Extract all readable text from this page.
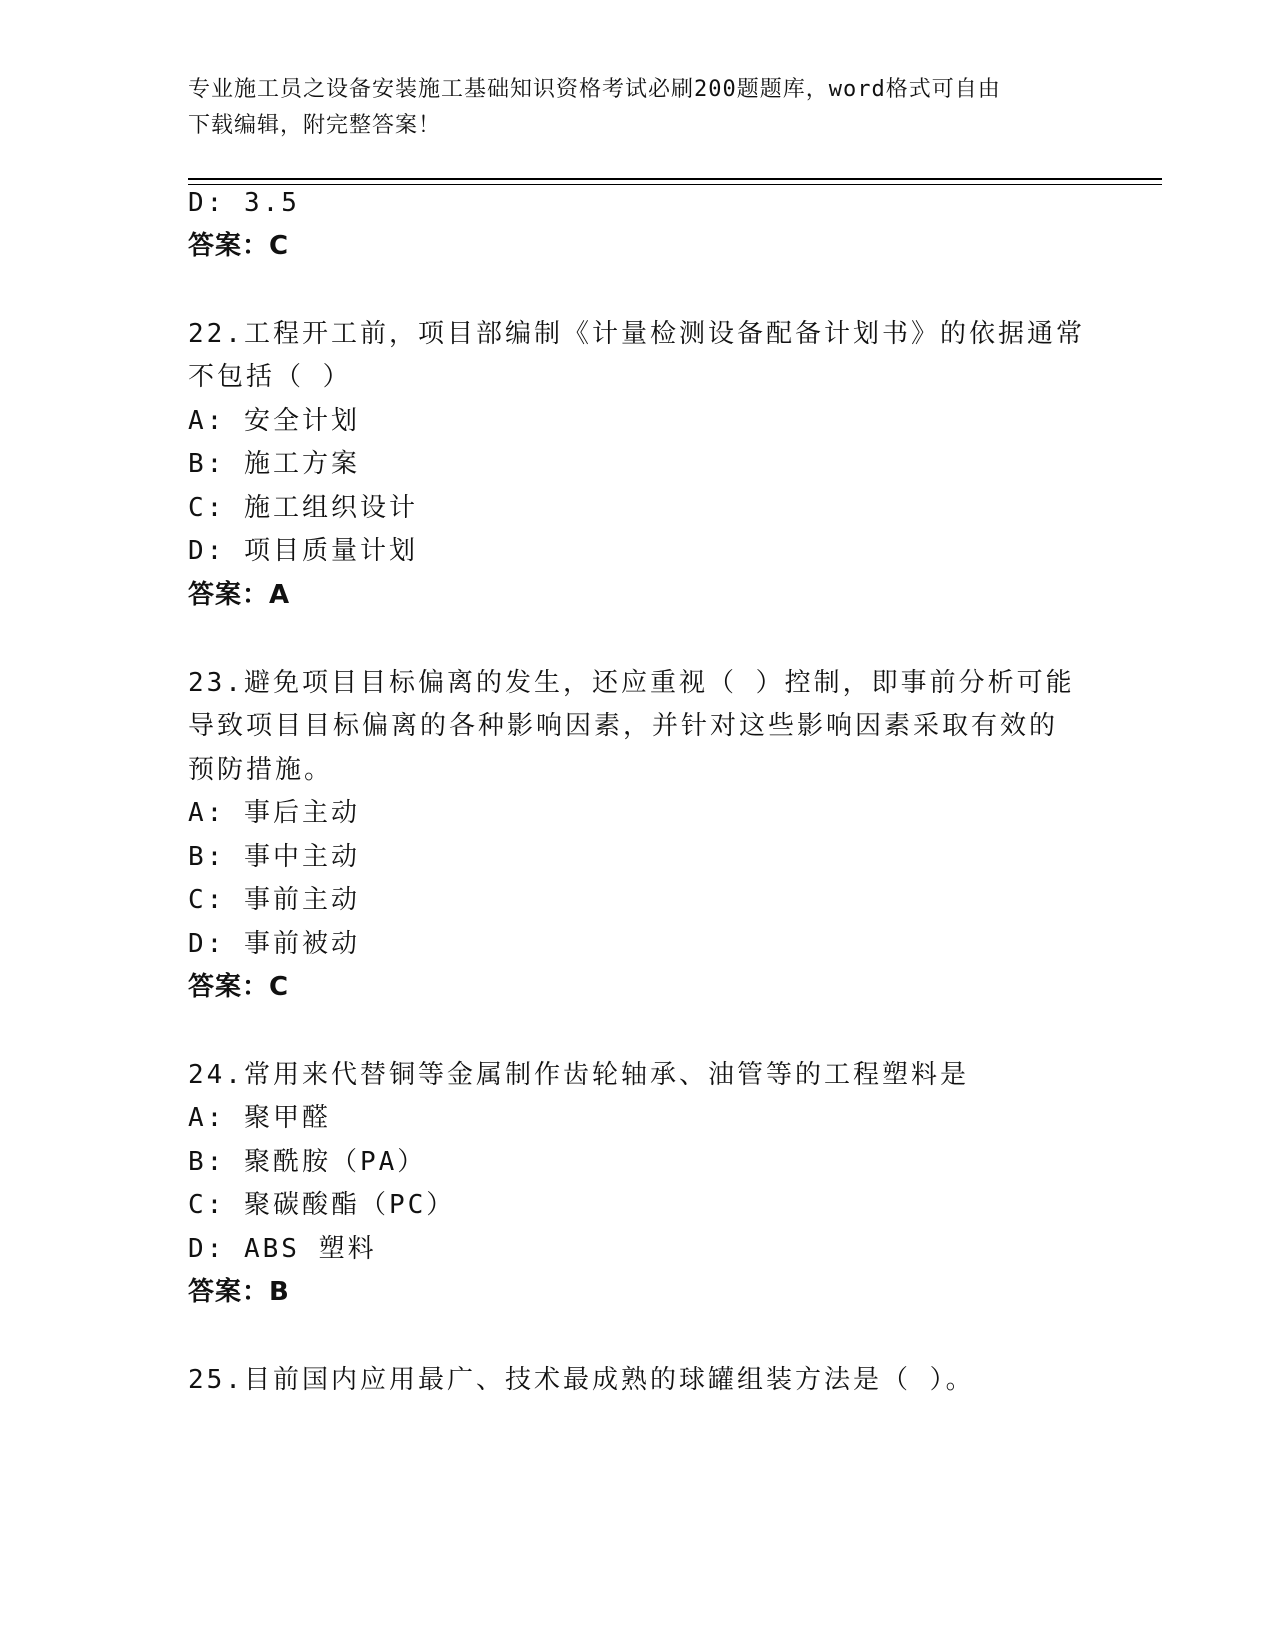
专业施工员之设备安装施工基础知识资格考试必刷200题题库，word格式可自由
下载编辑，附完整答案！
D: 3.5
答案：C
22.工程开工前，项目部编制《计量检测设备配备计划书》的依据通常
不包括（ ）
A: 安全计划
B: 施工方案
C: 施工组织设计
D: 项目质量计划
答案：A
23.避免项目目标偏离的发生，还应重视（ ）控制，即事前分析可能
导致项目目标偏离的各种影响因素，并针对这些影响因素采取有效的
预防措施。
A: 事后主动
B: 事中主动
C: 事前主动
D: 事前被动
答案：C
24.常用来代替铜等金属制作齿轮轴承、油管等的工程塑料是
A: 聚甲醛
B: 聚酰胺（PA）
C: 聚碳酸酯（PC）
D: ABS 塑料
答案：B
25.目前国内应用最广、技术最成熟的球罐组装方法是（ ）。
